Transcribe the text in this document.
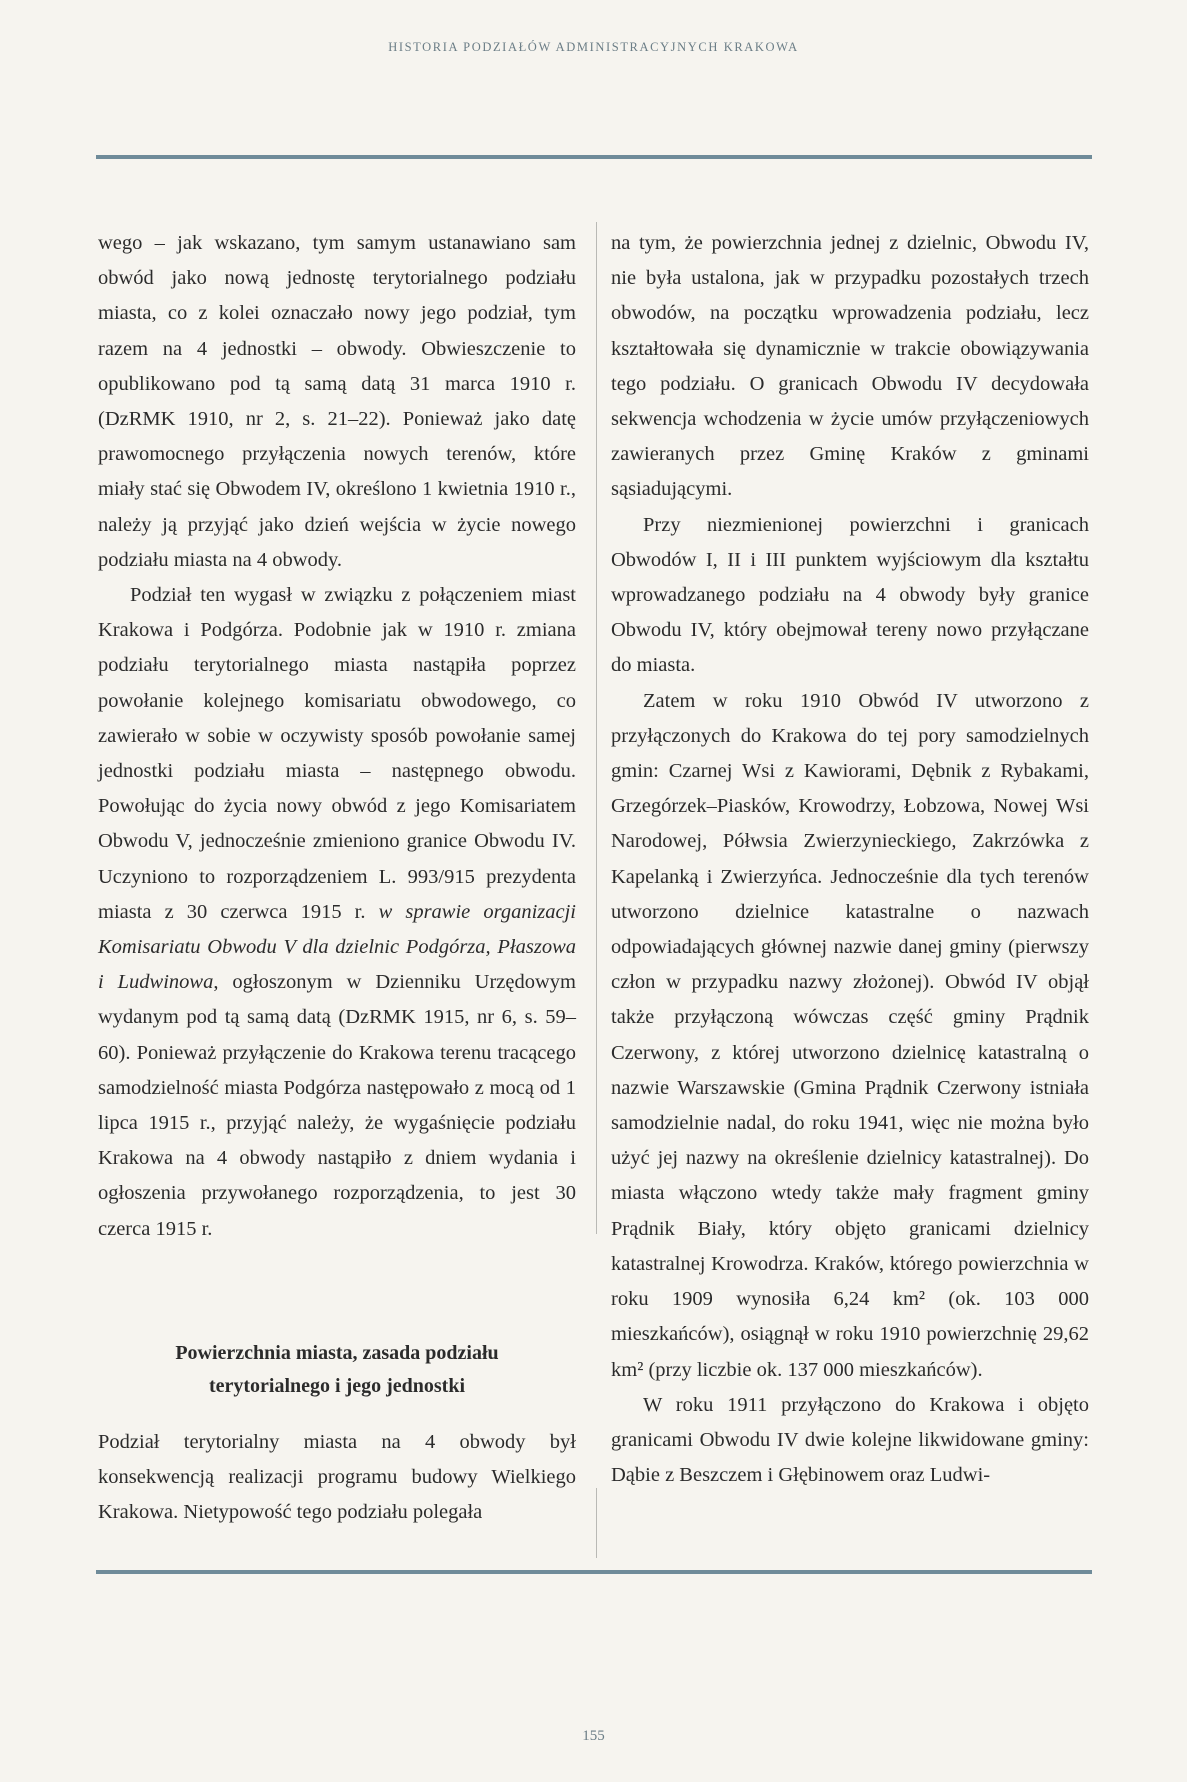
HISTORIA PODZIAŁÓW ADMINISTRACYJNYCH KRAKOWA

wego – jak wskazano, tym samym ustanawiano sam obwód jako nową jednostę terytorialnego podziału miasta, co z kolei oznaczało nowy jego podział, tym razem na 4 jednostki – obwody. Obwieszczenie to opublikowano pod tą samą datą 31 marca 1910 r. (DzRMK 1910, nr 2, s. 21–22). Ponieważ jako datę prawomocnego przyłączenia nowych terenów, które miały stać się Obwodem IV, określono 1 kwietnia 1910 r., należy ją przyjąć jako dzień wejścia w życie nowego podziału miasta na 4 obwody.

Podział ten wygasł w związku z połączeniem miast Krakowa i Podgórza. Podobnie jak w 1910 r. zmiana podziału terytorialnego miasta nastąpiła poprzez powołanie kolejnego komisariatu obwodowego, co zawierało w sobie w oczywisty sposób powołanie samej jednostki podziału miasta – następnego obwodu. Powołując do życia nowy obwód z jego Komisariatem Obwodu V, jednocześnie zmieniono granice Obwodu IV. Uczyniono to rozporządzeniem L. 993/915 prezydenta miasta z 30 czerwca 1915 r. w sprawie organizacji Komisariatu Obwodu V dla dzielnic Podgórza, Płaszowa i Ludwinowa, ogłoszonym w Dzienniku Urzędowym wydanym pod tą samą datą (DzRMK 1915, nr 6, s. 59–60). Ponieważ przyłączenie do Krakowa terenu tracącego samodzielność miasta Podgórza następowało z mocą od 1 lipca 1915 r., przyjąć należy, że wygaśnięcie podziału Krakowa na 4 obwody nastąpiło z dniem wydania i ogłoszenia przywołanego rozporządzenia, to jest 30 czerca 1915 r.

Powierzchnia miasta, zasada podziału
terytorialnego i jego jednostki

Podział terytorialny miasta na 4 obwody był konsekwencją realizacji programu budowy Wielkiego Krakowa. Nietypowość tego podziału polegała

na tym, że powierzchnia jednej z dzielnic, Obwodu IV, nie była ustalona, jak w przypadku pozostałych trzech obwodów, na początku wprowadzenia podziału, lecz kształtowała się dynamicznie w trakcie obowiązywania tego podziału. O granicach Obwodu IV decydowała sekwencja wchodzenia w życie umów przyłączeniowych zawieranych przez Gminę Kraków z gminami sąsiadującymi.

Przy niezmienionej powierzchni i granicach Obwodów I, II i III punktem wyjściowym dla kształtu wprowadzanego podziału na 4 obwody były granice Obwodu IV, który obejmował tereny nowo przyłączane do miasta.

Zatem w roku 1910 Obwód IV utworzono z przyłączonych do Krakowa do tej pory samodzielnych gmin: Czarnej Wsi z Kawiorami, Dębnik z Rybakami, Grzegórzek–Piasków, Krowodrzy, Łobzowa, Nowej Wsi Narodowej, Półwsia Zwierzynieckiego, Zakrzówka z Kapelanką i Zwierzyńca. Jednocześnie dla tych terenów utworzono dzielnice katastralne o nazwach odpowiadających głównej nazwie danej gminy (pierwszy człon w przypadku nazwy złożonej). Obwód IV objął także przyłączoną wówczas część gminy Prądnik Czerwony, z której utworzono dzielnicę katastralną o nazwie Warszawskie (Gmina Prądnik Czerwony istniała samodzielnie nadal, do roku 1941, więc nie można było użyć jej nazwy na określenie dzielnicy katastralnej). Do miasta włączono wtedy także mały fragment gminy Prądnik Biały, który objęto granicami dzielnicy katastralnej Krowodrza. Kraków, którego powierzchnia w roku 1909 wynosiła 6,24 km² (ok. 103 000 mieszkańców), osiągnął w roku 1910 powierzchnię 29,62 km² (przy liczbie ok. 137 000 mieszkańców).

W roku 1911 przyłączono do Krakowa i objęto granicami Obwodu IV dwie kolejne likwidowane gminy: Dąbie z Beszczem i Głębinowem oraz Ludwi-

155
